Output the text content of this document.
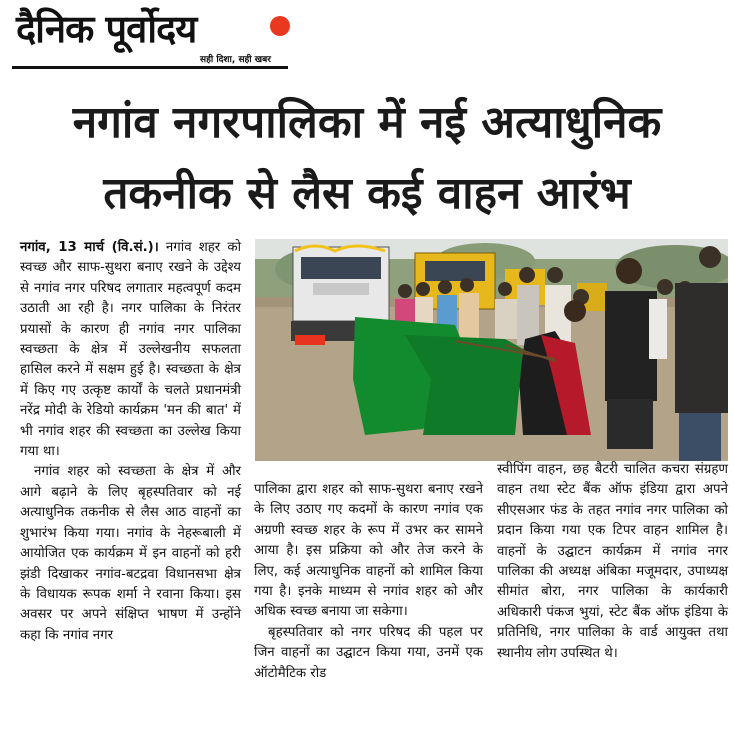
दैनिक पूर्वोदय
सही दिशा, सही खबर
नगांव नगरपालिका में नई अत्याधुनिक
तकनीक से लैस कई वाहन आरंभ

नगांव, 13 मार्च (वि.सं.)। नगांव शहर को स्वच्छ और साफ-सुथरा बनाए रखने के उद्देश्य से नगांव नगर परिषद लगातार महत्वपूर्ण कदम उठाती आ रही है। नगर पालिका के निरंतर प्रयासों के कारण ही नगांव नगर पालिका स्वच्छता के क्षेत्र में उल्लेखनीय सफलता हासिल करने में सक्षम हुई है। स्वच्छता के क्षेत्र में किए गए उत्कृष्ट कार्यों के चलते प्रधानमंत्री नरेंद्र मोदी के रेडियो कार्यक्रम 'मन की बात' में भी नगांव शहर की स्वच्छता का उल्लेख किया गया था।

नगांव शहर को स्वच्छता के क्षेत्र में और आगे बढ़ाने के लिए बृहस्पतिवार को नई अत्याधुनिक तकनीक से लैस आठ वाहनों का शुभारंभ किया गया। नगांव के नेहरूबाली में आयोजित एक कार्यक्रम में इन वाहनों को हरी झंडी दिखाकर नगांव-बटद्रवा विधानसभा क्षेत्र के विधायक रूपक शर्मा ने रवाना किया। इस अवसर पर अपने संक्षिप्त भाषण में उन्होंने कहा कि नगांव नगर

पालिका द्वारा शहर को साफ-सुथरा बनाए रखने के लिए उठाए गए कदमों के कारण नगांव एक अग्रणी स्वच्छ शहर के रूप में उभर कर सामने आया है। इस प्रक्रिया को और तेज करने के लिए, कई अत्याधुनिक वाहनों को शामिल किया गया है। इनके माध्यम से नगांव शहर को और अधिक स्वच्छ बनाया जा सकेगा।

बृहस्पतिवार को नगर परिषद की पहल पर जिन वाहनों का उद्घाटन किया गया, उनमें एक ऑटोमैटिक रोड

स्वीपिंग वाहन, छह बैटरी चालित कचरा संग्रहण वाहन तथा स्टेट बैंक ऑफ इंडिया द्वारा अपने सीएसआर फंड के तहत नगांव नगर पालिका को प्रदान किया गया एक टिपर वाहन शामिल है। वाहनों के उद्घाटन कार्यक्रम में नगांव नगर पालिका की अध्यक्ष अंबिका मजूमदार, उपाध्यक्ष सीमांत बोरा, नगर पालिका के कार्यकारी अधिकारी पंकज भुयां, स्टेट बैंक ऑफ इंडिया के प्रतिनिधि, नगर पालिका के वार्ड आयुक्त तथा स्थानीय लोग उपस्थित थे।
